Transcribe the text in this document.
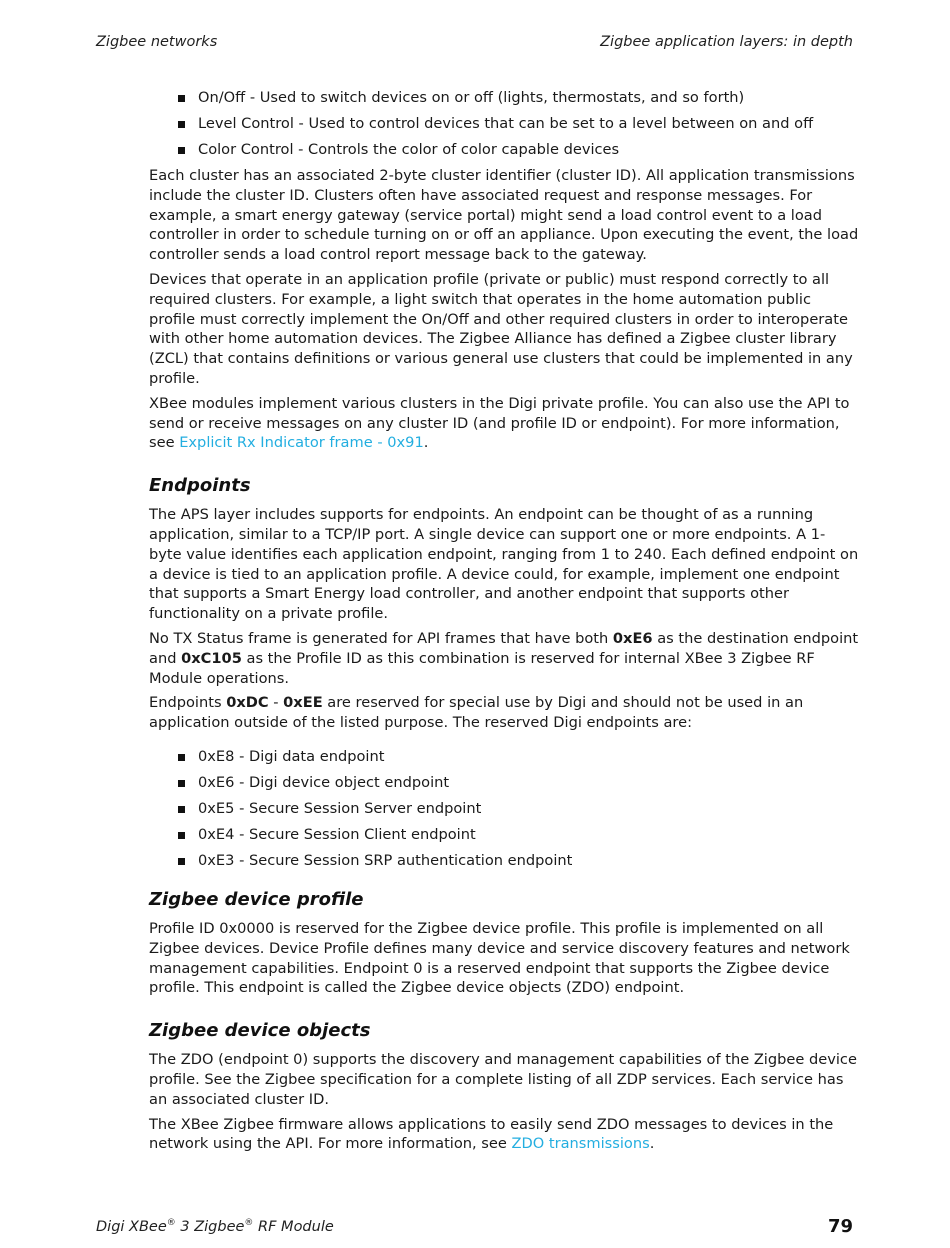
Zigbee networks	Zigbee application layers: in depth
On/Off - Used to switch devices on or off (lights, thermostats, and so forth)
Level Control - Used to control devices that can be set to a level between on and off
Color Control - Controls the color of color capable devices

Each cluster has an associated 2-byte cluster identifier (cluster ID). All application transmissions include the cluster ID. Clusters often have associated request and response messages. For example, a smart energy gateway (service portal) might send a load control event to a load controller in order to schedule turning on or off an appliance. Upon executing the event, the load controller sends a load control report message back to the gateway.

Devices that operate in an application profile (private or public) must respond correctly to all required clusters. For example, a light switch that operates in the home automation public profile must correctly implement the On/Off and other required clusters in order to interoperate with other home automation devices. The Zigbee Alliance has defined a Zigbee cluster library (ZCL) that contains definitions or various general use clusters that could be implemented in any profile.

XBee modules implement various clusters in the Digi private profile. You can also use the API to send or receive messages on any cluster ID (and profile ID or endpoint). For more information, see Explicit Rx Indicator frame - 0x91.

Endpoints

The APS layer includes supports for endpoints. An endpoint can be thought of as a running application, similar to a TCP/IP port. A single device can support one or more endpoints. A 1- byte value identifies each application endpoint, ranging from 1 to 240. Each defined endpoint on a device is tied to an application profile. A device could, for example, implement one endpoint that supports a Smart Energy load controller, and another endpoint that supports other functionality on a private profile.

No TX Status frame is generated for API frames that have both 0xE6 as the destination endpoint and 0xC105 as the Profile ID as this combination is reserved for internal XBee 3 Zigbee RF Module operations.

Endpoints 0xDC - 0xEE are reserved for special use by Digi and should not be used in an application outside of the listed purpose. The reserved Digi endpoints are:

0xE8 - Digi data endpoint
0xE6 - Digi device object endpoint
0xE5 - Secure Session Server endpoint
0xE4 - Secure Session Client endpoint
0xE3 - Secure Session SRP authentication endpoint
Zigbee device profile

Profile ID 0x0000 is reserved for the Zigbee device profile. This profile is implemented on all Zigbee devices. Device Profile defines many device and service discovery features and network management capabilities. Endpoint 0 is a reserved endpoint that supports the Zigbee device profile. This endpoint is called the Zigbee device objects (ZDO) endpoint.

Zigbee device objects

The ZDO (endpoint 0) supports the discovery and management capabilities of the Zigbee device profile. See the Zigbee specification for a complete listing of all ZDP services. Each service has an associated cluster ID.

The XBee Zigbee firmware allows applications to easily send ZDO messages to devices in the network using the API. For more information, see ZDO transmissions.

Digi XBee® 3 Zigbee® RF Module	79
